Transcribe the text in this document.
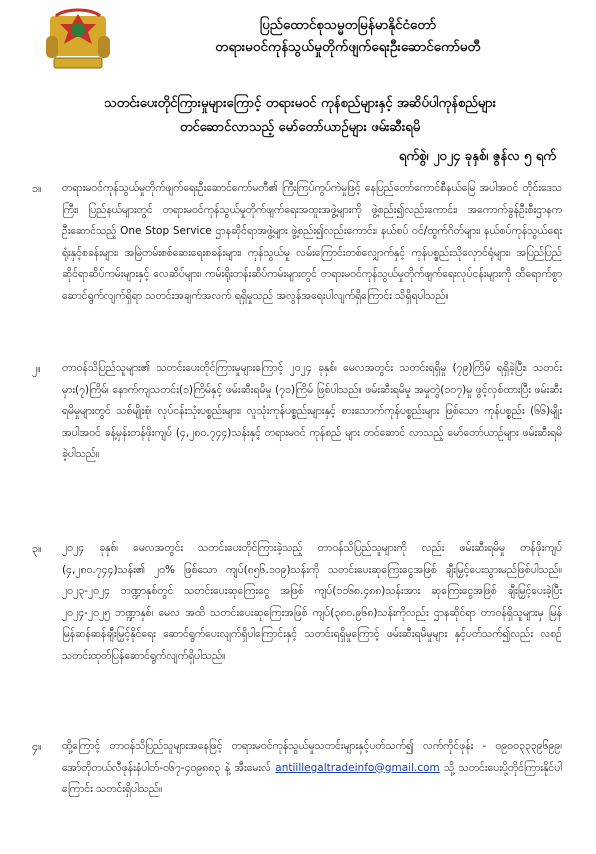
ပြည်ထောင်စုသမ္မတမြန်မာနိုင်ငံတော်
တရားမဝင်ကုန်သွယ်မှုတိုက်ဖျက်ရေးဦးဆောင်ကော်မတီ
သတင်းပေးတိုင်ကြားမှုများကြောင့် တရားမဝင် ကုန်စည်များနှင့် အဆိပ်ပါကုန်စည်များ
တင်ဆောင်လာသည့် မော်တော်ယာဉ်များ ဖမ်းဆီးရမိ
ရက်စွဲ၊ ၂၀၂၄ ခုနှစ်၊ ဇွန်လ ၅ ရက်
၁။ တရားမဝင်ကုန်သွယ်မှုတိုက်ဖျက်ရေးဦးဆောင်ကော်မတီ၏ ကြီးကြပ်ကွပ်ကဲမှုဖြင့် နေပြည်တော်ကောင်စီနယ်မြေ အပါအဝင် တိုင်းဒေသကြီး၊ ပြည်နယ်များတွင် တရားမဝင်ကုန်သွယ်မှုတိုက်ဖျက်ရေးအထူးအဖွဲ့များကို ဖွဲ့စည်း၍လည်းကောင်း၊ အကောက်ခွန်ဦးစီးဌာနက ဦးဆောင်သည့် One Stop Service ဌာနဆိုင်ရာအဖွဲ့များ ဖွဲ့စည်း၍လည်းကောင်း၊ နယ်စပ် ဝင်/ထွက်ဂိတ်များ၊ နယ်စပ်ကုန်သွယ်ရေးရုံးနှင့်စခန်းများ၊ အမြဲတမ်းစစ်ဆေးရေးစခန်းများ၊ ကုန်သွယ်မှု လမ်းကြောင်းတစ်လျှောက်နှင့် ကုန်ပစ္စည်းသိုလှောင်ရုံများ၊ အပြည်ပြည်ဆိုင်ရာဆိပ်ကမ်းများနှင့် လေဆိပ်များ၊ ကမ်းရိုးတန်းဆိပ်ကမ်းများတွင် တရားမဝင်ကုန်သွယ်မှုတိုက်ဖျက်ရေးလုပ်ငန်းများကို ထိရောက်စွာ ဆောင်ရွက်လျက်ရှိရာ သတင်းအချက်အလက် ရရှိမှုသည် အလွန်အရေးပါလျက်ရှိကြောင်း သိရှိရပါသည်။
၂။ တာဝန်သိပြည်သူများ၏ သတင်းပေးတိုင်ကြားမှုများကြောင့် ၂၀၂၄ ခုနှစ်၊ မေလအတွင်း သတင်းရရှိမှု (၇၉)ကြိမ် ရရှိခဲ့ပြီး၊ သတင်းမှား(၇)ကြိမ်၊ နောက်ကျသတင်း(၁)ကြိမ်နှင့် ဖမ်းဆီးရမိမှု (၇၁)ကြိမ် ဖြစ်ပါသည်။ ဖမ်းဆီးရမိမှု အမှုတွဲ(၁၀၇)မှု ဖွင့်လှစ်ထားပြီး ဖမ်းဆီးရမိမှုများတွင် သစ်မျိုးစုံ၊ လုပ်ငန်းသုံးပစ္စည်းများ၊ လူသုံးကုန်ပစ္စည်းများနှင့် စားသောက်ကုန်ပစ္စည်းများ ဖြစ်သော ကုန်ပစ္စည်း (၆၆)မျိုး အပါအဝင် ခန့်မှန်းတန်ဖိုးကျပ် (၄,၂၈၀.၇၄၄)သန်းနှင့် တရားမဝင် ကုန်စည် များ တင်ဆောင် လာသည့် မော်တော်ယာဉ်များ ဖမ်းဆီးရမိခဲ့ပါသည်။
၃။ ၂၀၂၄ ခုနှစ်၊ မေလအတွင်း သတင်းပေးတိုင်ကြားခဲ့သည့် တာဝန်သိပြည်သူများကို လည်း ဖမ်းဆီးရမိမှု တန်ဖိုးကျပ် (၄,၂၈၀.၇၄၄)သန်း၏ ၂၀% ဖြစ်သော ကျပ်(၈၅၆.၁၀၉)သန်းကို သတင်းပေးဆုကြေးငွေအဖြစ် ချီးမြှင့်ပေးသွားမည်ဖြစ်ပါသည်။ ၂၀၂၃-၂၀၂၄ ဘဏ္ဍာနှစ်တွင် သတင်းပေးဆုကြေးငွေ အဖြစ် ကျပ်(၁၁၆၈.၄၈၈)သန်းအား ဆုကြေးငွေအဖြစ် ချီးမြှင့်ပေးခဲ့ပြီး ၂၀၂၄-၂၀၂၅ ဘဏ္ဍာနှစ်၊ မေလ အထိ သတင်းပေးဆုကြေးအဖြစ် ကျပ်(၃၈၀.၉၆၈)သန်းကိုလည်း ဌာနဆိုင်ရာ တာဝန်ရှိသူများမှ မြန်မြန်ဆန်ဆန်ချီးမြှင့်နိုင်ရေး ဆောင်ရွက်ပေးလျက်ရှိပါကြောင်းနှင့် သတင်းရရှိမှုကြောင့် ဖမ်းဆီးရမိမှုများ နှင့်ပတ်သက်၍လည်း လစဉ်သတင်းထုတ်ပြန်ဆောင်ရွက်လျက်ရှိပါသည်။
၄။ ထို့ကြောင့် တာဝန်သိပြည်သူများအနေဖြင့် တရားမဝင်ကုန်သွယ်မှုသတင်းများနှင့်ပတ်သက်၍ လက်ကိုင်ဖုန်း - ၀၉၀၀၃၃၃၉၆၉၉၊ အော်တိုတယ်လီဖုန်းနံပါတ်-၀၆၇-၄၀၉၈၈၃ နဲ့ အီးမေးလ် antiillegaltradeinfo@gmail.com သို့ သတင်းပေးပို့တိုင်ကြားနိုင်ပါကြောင်း သတင်းရှိပါသည်။
